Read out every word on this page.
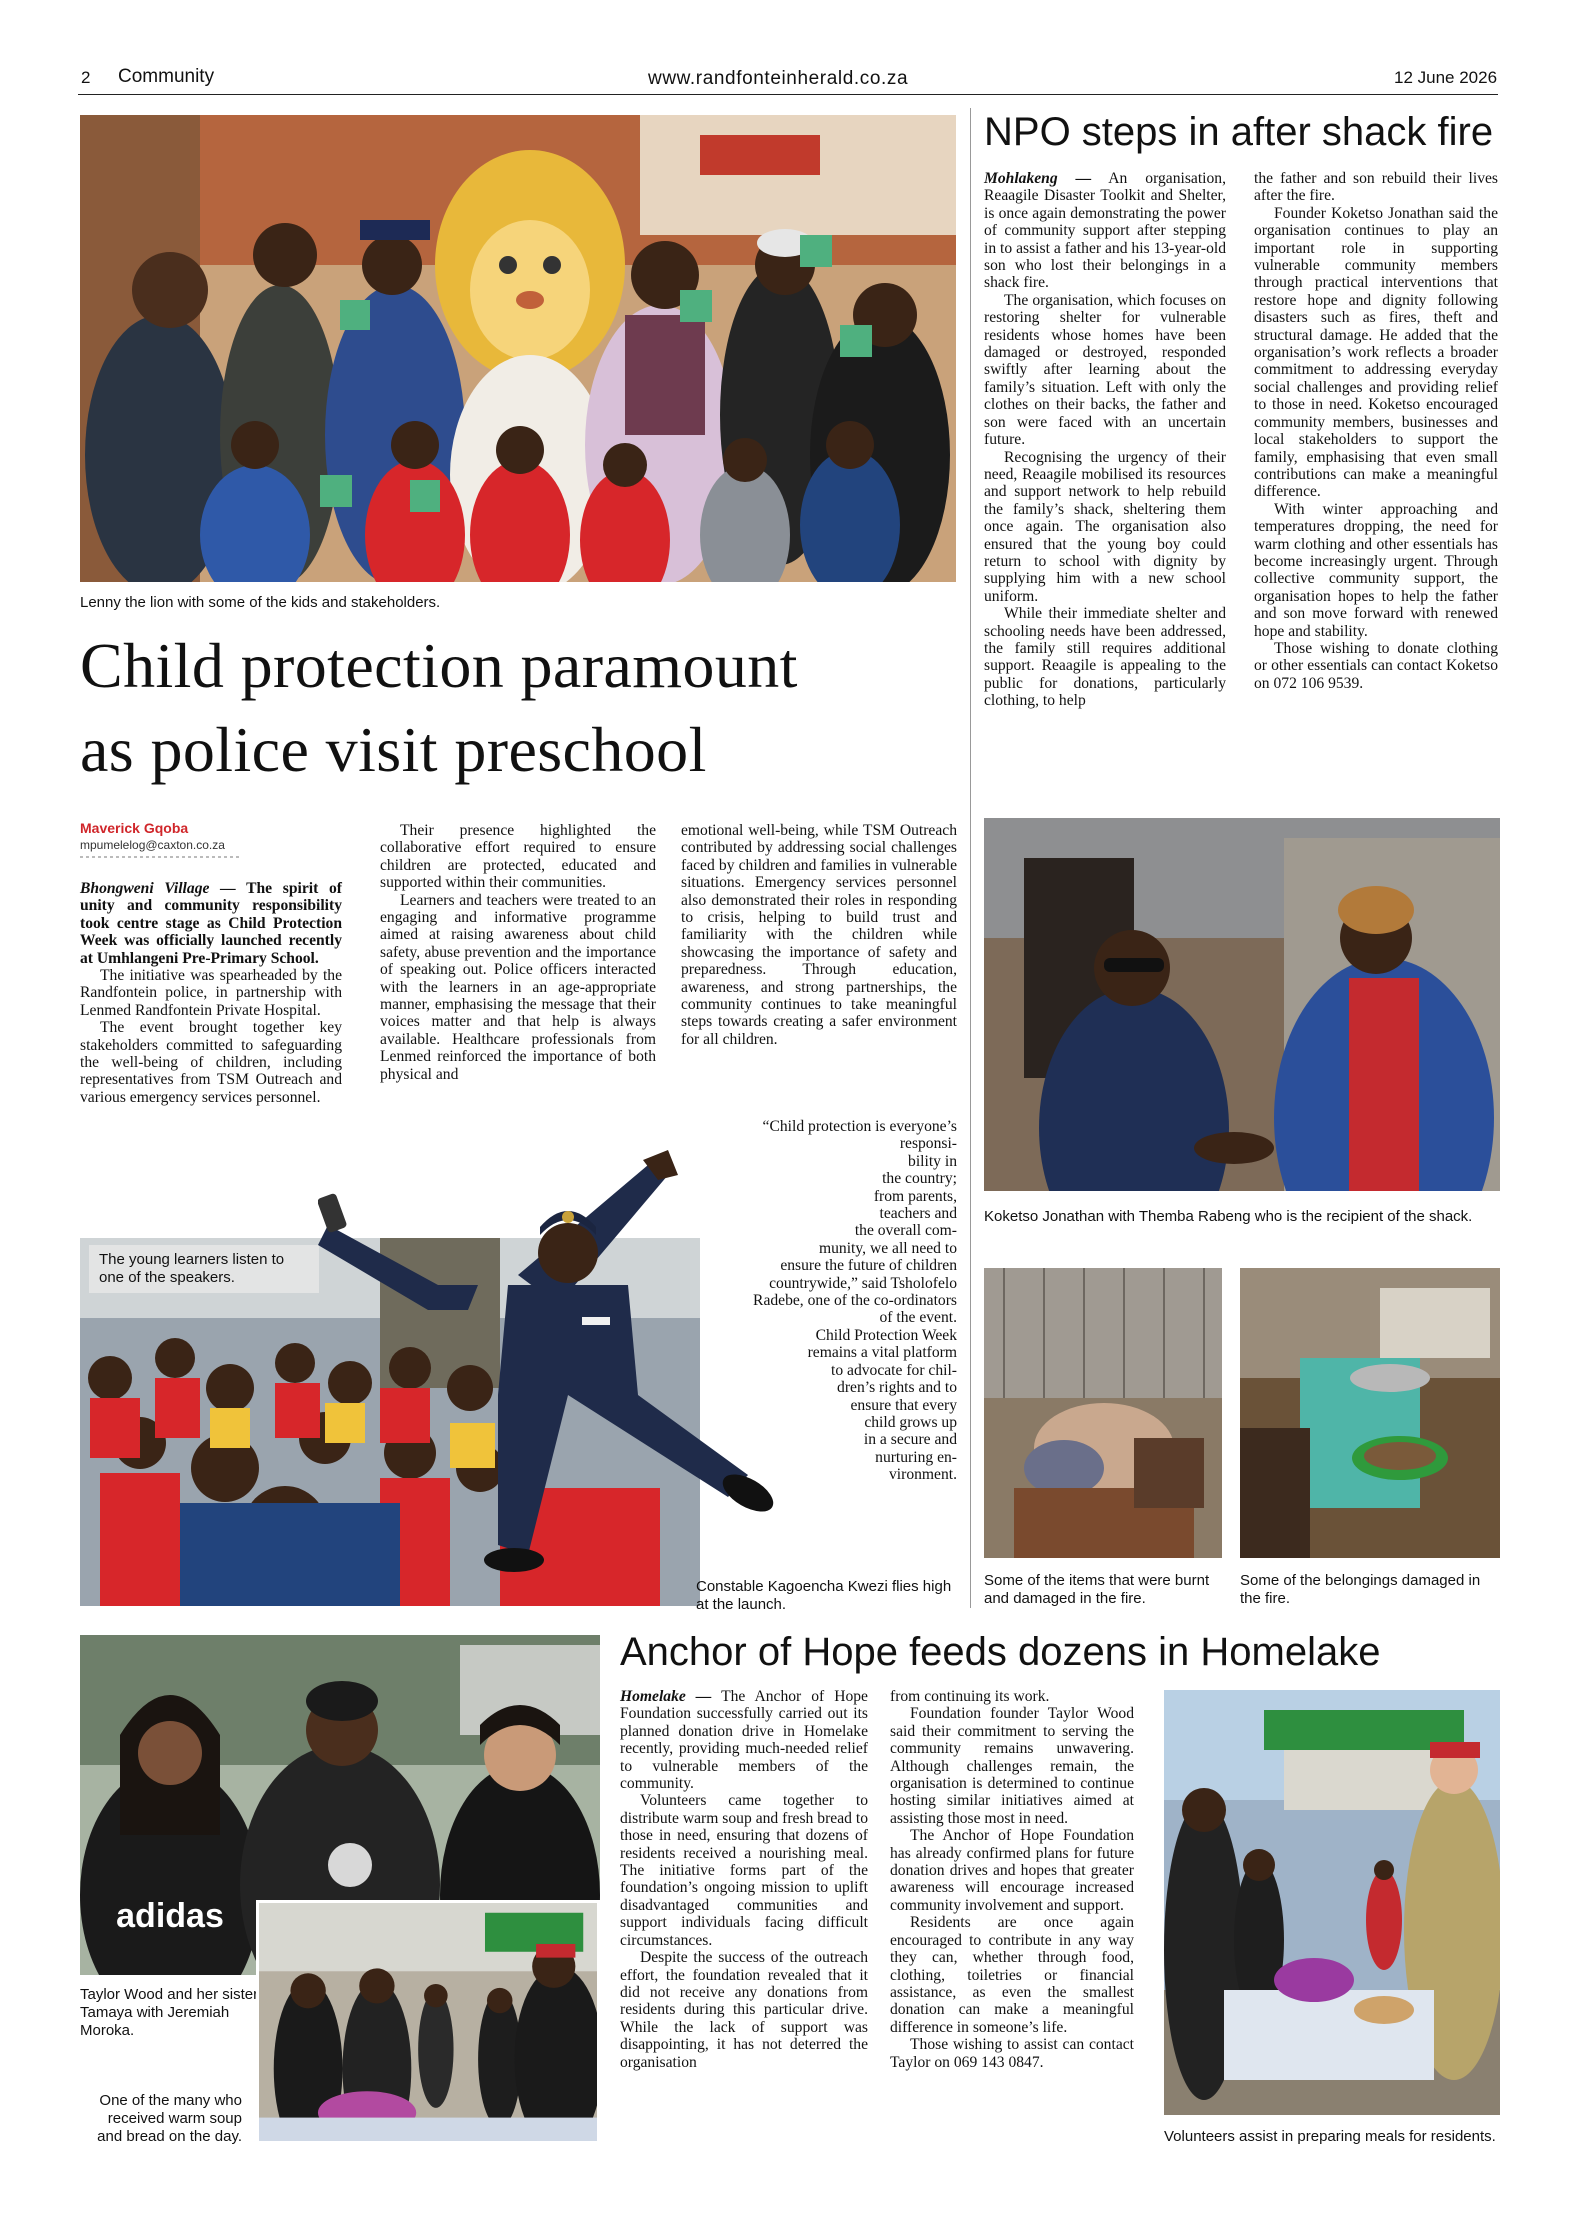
2 Community	www.randfonteinherald.co.za	12 June 2026
Lenny the lion with some of the kids and stakeholders.
Child protection paramount
as police visit preschool
Maverick Gqoba
mpumelelog@caxton.co.za

Bhongweni Village — The spirit of unity and community responsibility took centre stage as Child Protection Week was officially launched recently at Umhlangeni Pre-Primary School.

The initiative was spearheaded by the Randfontein police, in partnership with Lenmed Randfontein Private Hospital.

The event brought together key stakeholders committed to safeguarding the well-being of children, including representatives from TSM Outreach and various emergency services personnel.

Their presence highlighted the collaborative effort required to ensure children are protected, educated and supported within their communities.

Learners and teachers were treated to an engaging and informative programme aimed at raising awareness about child safety, abuse prevention and the importance of speaking out. Police officers interacted with the learners in an age-appropriate manner, emphasising the message that their voices matter and that help is always available. Healthcare professionals from Lenmed reinforced the importance of both physical and

emotional well-being, while TSM Outreach contributed by addressing social challenges faced by children and families in vulnerable situations. Emergency services personnel also demonstrated their roles in responding to crisis, helping to build trust and familiarity with the children while showcasing the importance of safety and preparedness. Through education, awareness, and strong partnerships, the community continues to take meaningful steps towards creating a safer environment for all children.

“Child protection is everyone’s
responsi-
bility in
the country;
from parents,
teachers and
the overall com-
munity, we all need to
ensure the future of children
countrywide,” said Tsholofelo
Radebe, one of the co-ordinators
of the event.
Child Protection Week
remains a vital platform
to advocate for chil-
dren’s rights and to
ensure that every
child grows up
in a secure and
nurturing en-
vironment.
The young learners listen to one of the speakers.
Constable Kagoencha Kwezi flies high at the launch.
NPO steps in after shack fire

Mohlakeng — An organisation, Reaagile Disaster Toolkit and Shelter, is once again demonstrating the power of community support after stepping in to assist a father and his 13-year-old son who lost their belongings in a shack fire.

The organisation, which focuses on restoring shelter for vulnerable residents whose homes have been damaged or destroyed, responded swiftly after learning about the family’s situation. Left with only the clothes on their backs, the father and son were faced with an uncertain future.

Recognising the urgency of their need, Reaagile mobilised its resources and support network to help rebuild the family’s shack, sheltering them once again. The organisation also ensured that the young boy could return to school with dignity by supplying him with a new school uniform.

While their immediate shelter and schooling needs have been addressed, the family still requires additional support. Reaagile is appealing to the public for donations, particularly clothing, to help

the father and son rebuild their lives after the fire.

Founder Koketso Jonathan said the organisation continues to play an important role in supporting vulnerable community members through practical interventions that restore hope and dignity following disasters such as fires, theft and structural damage. He added that the organisation’s work reflects a broader commitment to addressing everyday social challenges and providing relief to those in need. Koketso encouraged community members, businesses and local stakeholders to support the family, emphasising that even small contributions can make a meaningful difference.

With winter approaching and temperatures dropping, the need for warm clothing and other essentials has become increasingly urgent. Through collective community support, the organisation hopes to help the father and son move forward with renewed hope and stability.

Those wishing to donate clothing or other essentials can contact Koketso on 072 106 9539.

Koketso Jonathan with Themba Rabeng who is the recipient of the shack.
Some of the items that were burnt and damaged in the fire.
Some of the belongings damaged in the fire.
Anchor of Hope feeds dozens in Homelake
adidas
Taylor Wood and her sister Tamaya with Jeremiah Moroka.
One of the many who received warm soup and bread on the day.

Homelake — The Anchor of Hope Foundation successfully carried out its planned donation drive in Homelake recently, providing much-needed relief to vulnerable members of the community.

Volunteers came together to distribute warm soup and fresh bread to those in need, ensuring that dozens of residents received a nourishing meal. The initiative forms part of the foundation’s ongoing mission to uplift disadvantaged communities and support individuals facing difficult circumstances.

Despite the success of the outreach effort, the foundation revealed that it did not receive any donations from residents during this particular drive. While the lack of support was disappointing, it has not deterred the organisation

from continuing its work.

Foundation founder Taylor Wood said their commitment to serving the community remains unwavering. Although challenges remain, the organisation is determined to continue hosting similar initiatives aimed at assisting those most in need.

The Anchor of Hope Foundation has already confirmed plans for future donation drives and hopes that greater awareness will encourage increased community involvement and support.

Residents are once again encouraged to contribute in any way they can, whether through food, clothing, toiletries or financial assistance, as even the smallest donation can make a meaningful difference in someone’s life.

Those wishing to assist can contact Taylor on 069 143 0847.

Volunteers assist in preparing meals for residents.
